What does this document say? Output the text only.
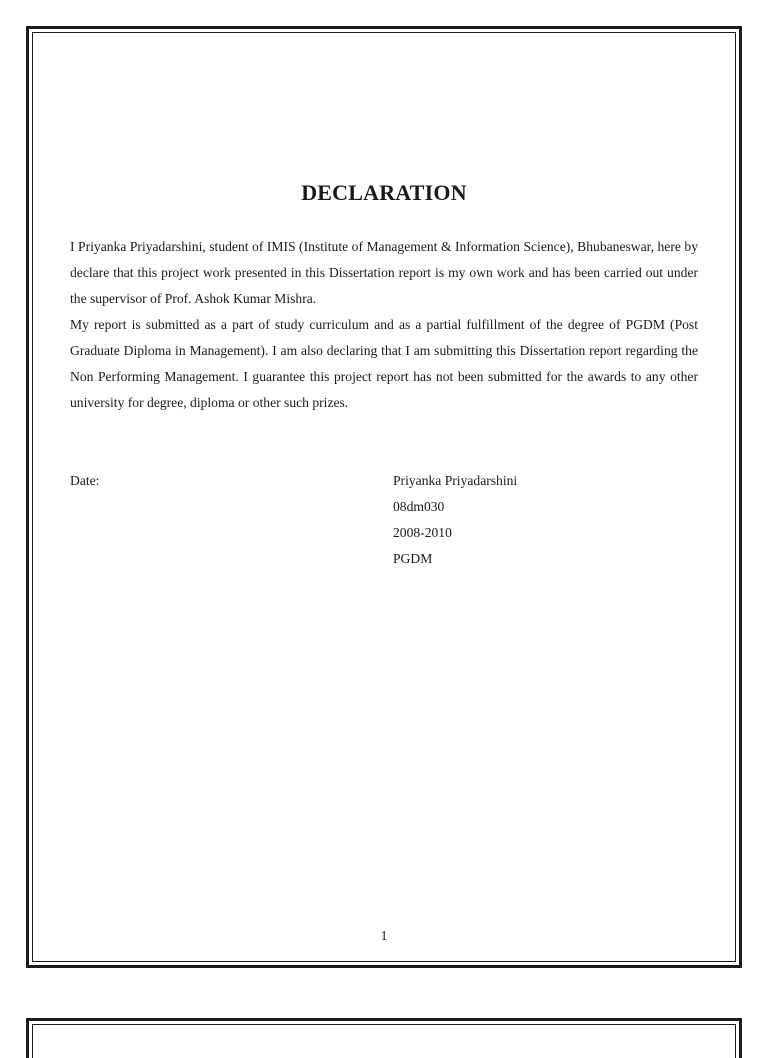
DECLARATION

I Priyanka Priyadarshini, student of IMIS (Institute of Management & Information Science), Bhubaneswar, here by declare that this project work presented in this Dissertation report is my own work and has been carried out under the supervisor of Prof. Ashok Kumar Mishra.

My report is submitted as a part of study curriculum and as a partial fulfillment of the degree of PGDM (Post Graduate Diploma in Management). I am also declaring that I am submitting this Dissertation report regarding the Non Performing Management. I guarantee this project report has not been submitted for the awards to any other university for degree, diploma or other such prizes.

Date:	Priyanka Priyadarshini
08dm030
2008-2010
PGDM
1
